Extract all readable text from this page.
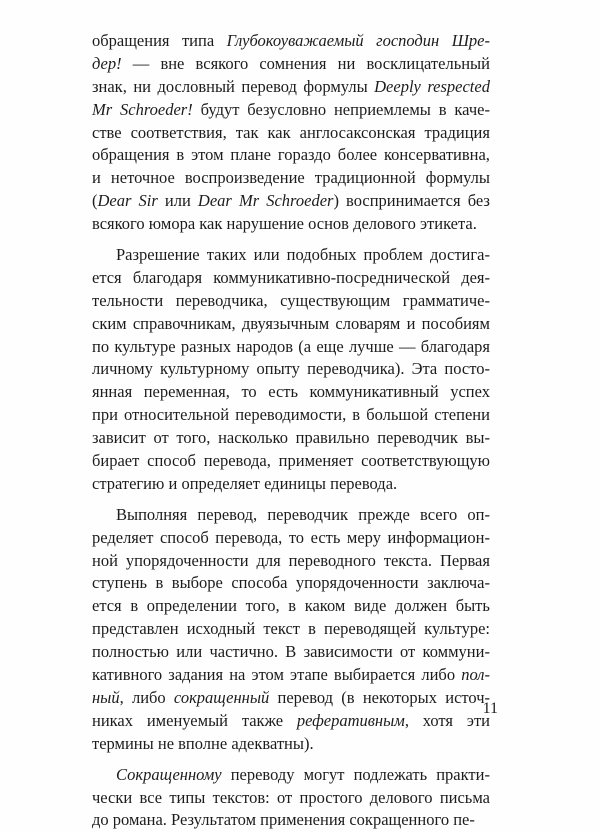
обращения типа Глубокоуважаемый господин Шре-
дер! — вне всякого сомнения ни восклицательный
знак, ни дословный перевод формулы Deeply respected
Mr Schroeder! будут безусловно неприемлемы в каче-
стве соответствия, так как англосаксонская традиция
обращения в этом плане гораздо более консервативна,
и неточное воспроизведение традиционной формулы
(Dear Sir или Dear Mr Schroeder) воспринимается без
всякого
юмора
как
нарушение
основ
делового
этикета.
Разрешение таких или подобных проблем достига-
ется благодаря коммуникативно-посреднической дея-
тельности переводчика, существующим грамматиче-
ским справочникам, двуязычным словарям и пособиям
по культуре разных народов (а еще лучше — благодаря
личному культурному опыту переводчика). Эта посто-
янная переменная, то есть коммуникативный успех
при относительной переводимости, в большой степени
зависит от того, насколько правильно переводчик вы-
бирает способ перевода, применяет соответствующую
стратегию
и
определяет
единицы
перевода.
Выполняя перевод, переводчик прежде всего оп-
ределяет способ перевода, то есть меру информацион-
ной упорядоченности для переводного текста. Первая
ступень в выборе способа упорядоченности заключа-
ется в определении того, в каком виде должен быть
представлен исходный текст в переводящей культуре:
полностью или частично. В зависимости от коммуни-
кативного задания на этом этапе выбирается либо пол-
ный, либо сокращенный перевод (в некоторых источ-
никах именуемый также реферативным, хотя эти
термины
не
вполне
адекватны).
Сокращенному переводу могут подлежать практи-
чески все типы текстов: от простого делового письма
до
романа.
Результатом
применения
сокращенного
пе-
11
